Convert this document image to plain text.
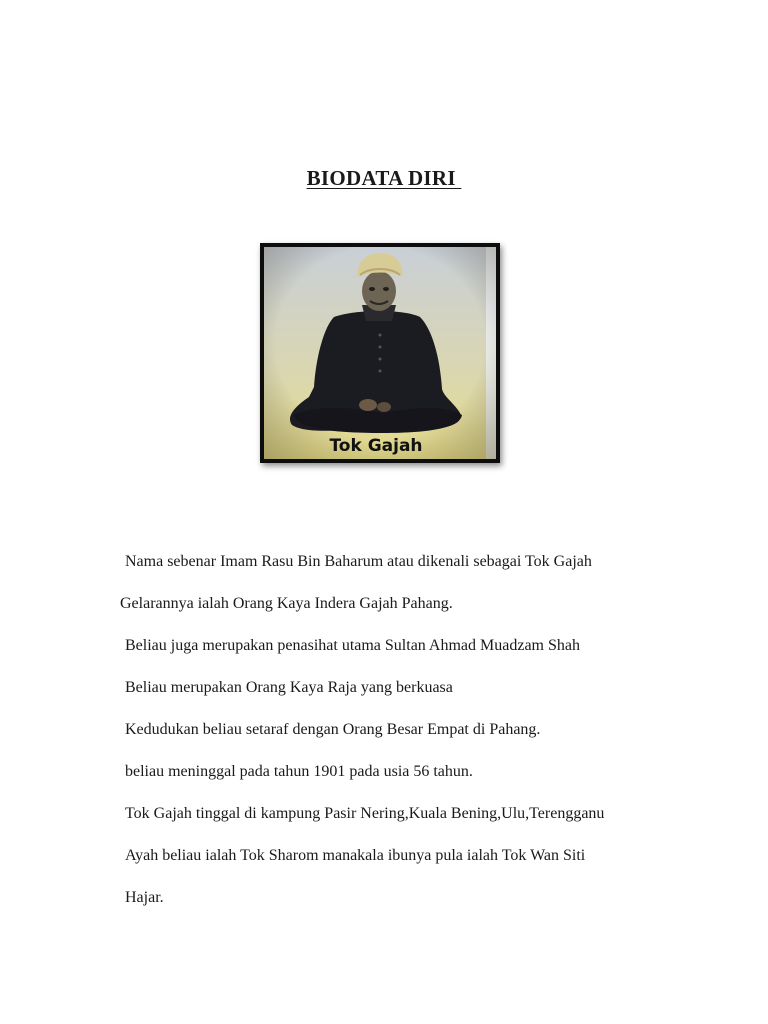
BIODATA DIRI
Tok Gajah
Nama sebenar Imam Rasu Bin Baharum atau dikenali sebagai Tok Gajah
Gelarannya ialah Orang Kaya Indera Gajah Pahang.
Beliau juga merupakan penasihat utama Sultan Ahmad Muadzam Shah
Beliau merupakan Orang Kaya Raja yang berkuasa
Kedudukan beliau setaraf dengan Orang Besar Empat di Pahang.
beliau meninggal pada tahun 1901 pada usia 56 tahun.
Tok Gajah tinggal di kampung Pasir Nering,Kuala Bening,Ulu,Terengganu
Ayah beliau ialah Tok Sharom manakala ibunya pula ialah Tok Wan Siti
Hajar.
